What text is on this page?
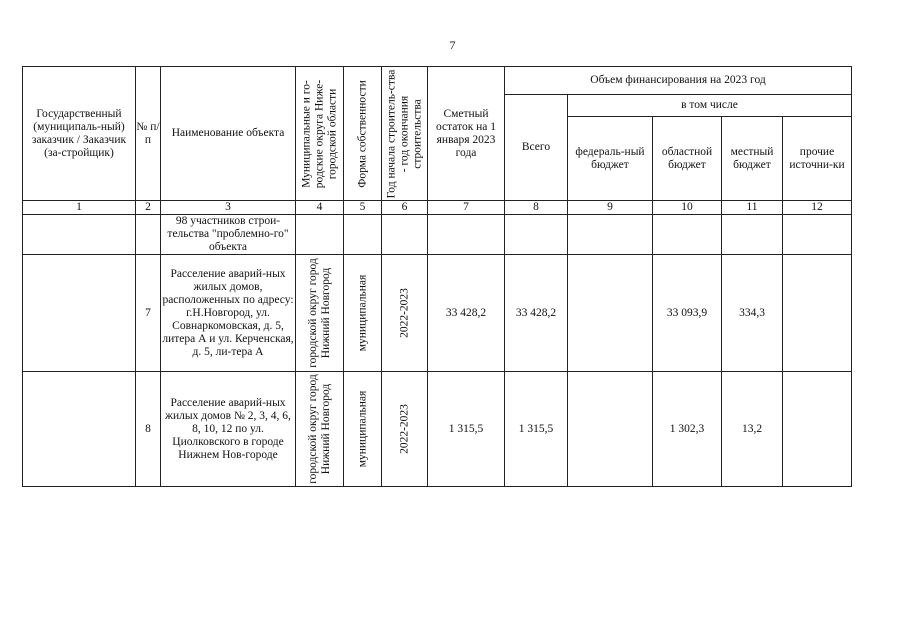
7
Государственный (муниципаль-ный) заказчик / Заказчик (за-стройщик)	№ п/п	Наименование объекта	Муниципальные и го-родские округа Ниже-городской области	Форма собственности	Год начала строитель-ства - год окончания строительства	Сметный остаток на 1 января 2023 года	Объем финансирования на 2023 год				
							Всего	в том числе			
								федераль-ный бюджет	областной бюджет	местный бюджет	прочие источни-ки
1	2	3	4	5	6	7	8	9	10	11	12
		98 участников строи-тельства "проблемно-го" объекта									
	7	Расселение аварий-ных жилых домов, расположенных по адресу: г.Н.Новгород, ул. Совнаркомовская, д. 5, литера А и ул. Керченская, д. 5, ли-тера А	городской округ город Нижний Новгород	муниципальная	2022-2023	33 428,2	33 428,2		33 093,9	334,3	
	8	Расселение аварий-ных жилых домов № 2, 3, 4, 6, 8, 10, 12 по ул. Циолковского в городе Нижнем Нов-городе	городской округ город Нижний Новгород	муниципальная	2022-2023	1 315,5	1 315,5		1 302,3	13,2	
